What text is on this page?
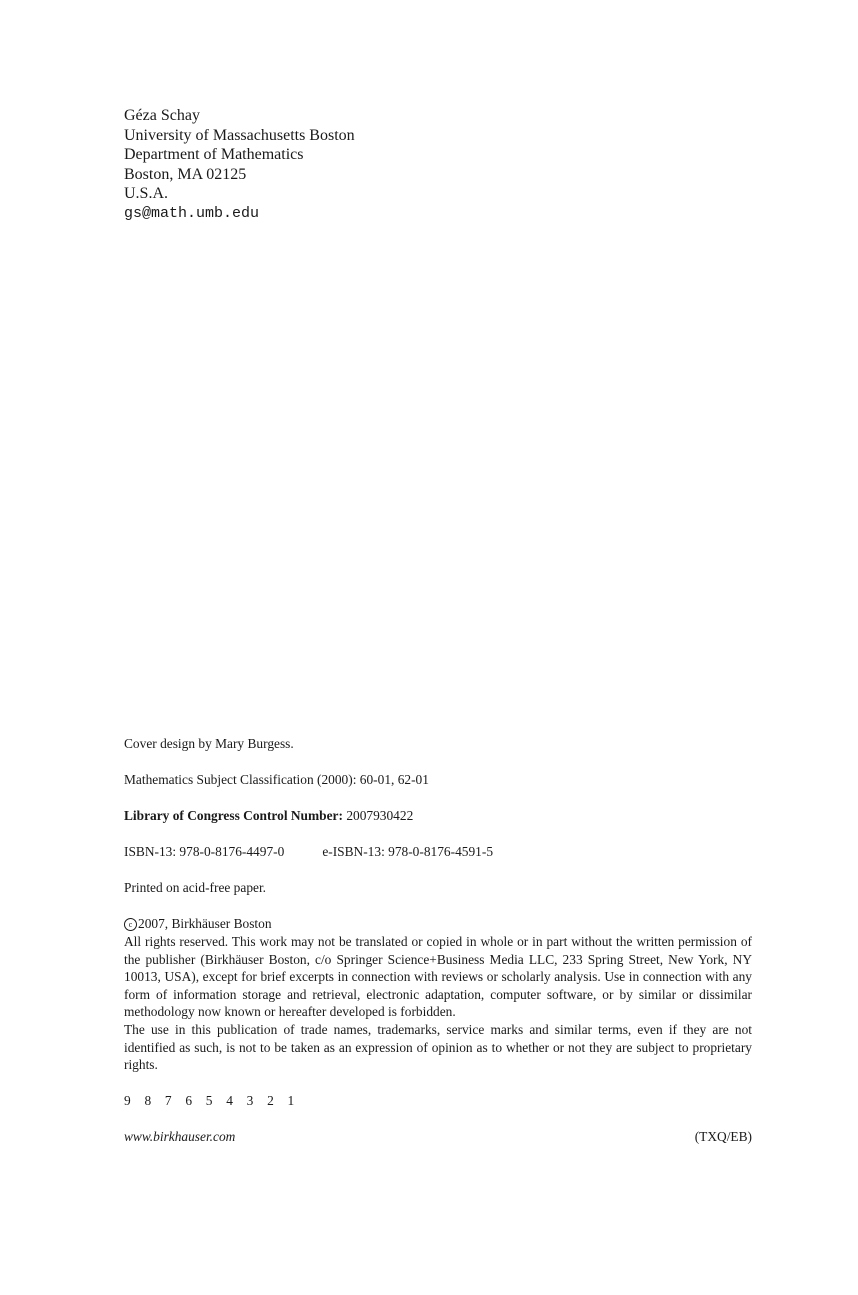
Géza Schay
University of Massachusetts Boston
Department of Mathematics
Boston, MA 02125
U.S.A.
gs@math.umb.edu

Cover design by Mary Burgess.

Mathematics Subject Classification (2000): 60-01, 62-01

Library of Congress Control Number: 2007930422

ISBN-13: 978-0-8176-4497-0	e-ISBN-13: 978-0-8176-4591-5

Printed on acid-free paper.

c 2007, Birkhäuser Boston

All rights reserved. This work may not be translated or copied in whole or in part without the written permission of the publisher (Birkhäuser Boston, c/o Springer Science+Business Media LLC, 233 Spring Street, New York, NY 10013, USA), except for brief excerpts in connection with reviews or scholarly analysis. Use in connection with any form of information storage and retrieval, electronic adaptation, computer software, or by similar or dissimilar methodology now known or hereafter developed is forbidden.

The use in this publication of trade names, trademarks, service marks and similar terms, even if they are not identified as such, is not to be taken as an expression of opinion as to whether or not they are subject to proprietary rights.

9 8 7 6 5 4 3 2 1

www.birkhauser.com	(TXQ/EB)
